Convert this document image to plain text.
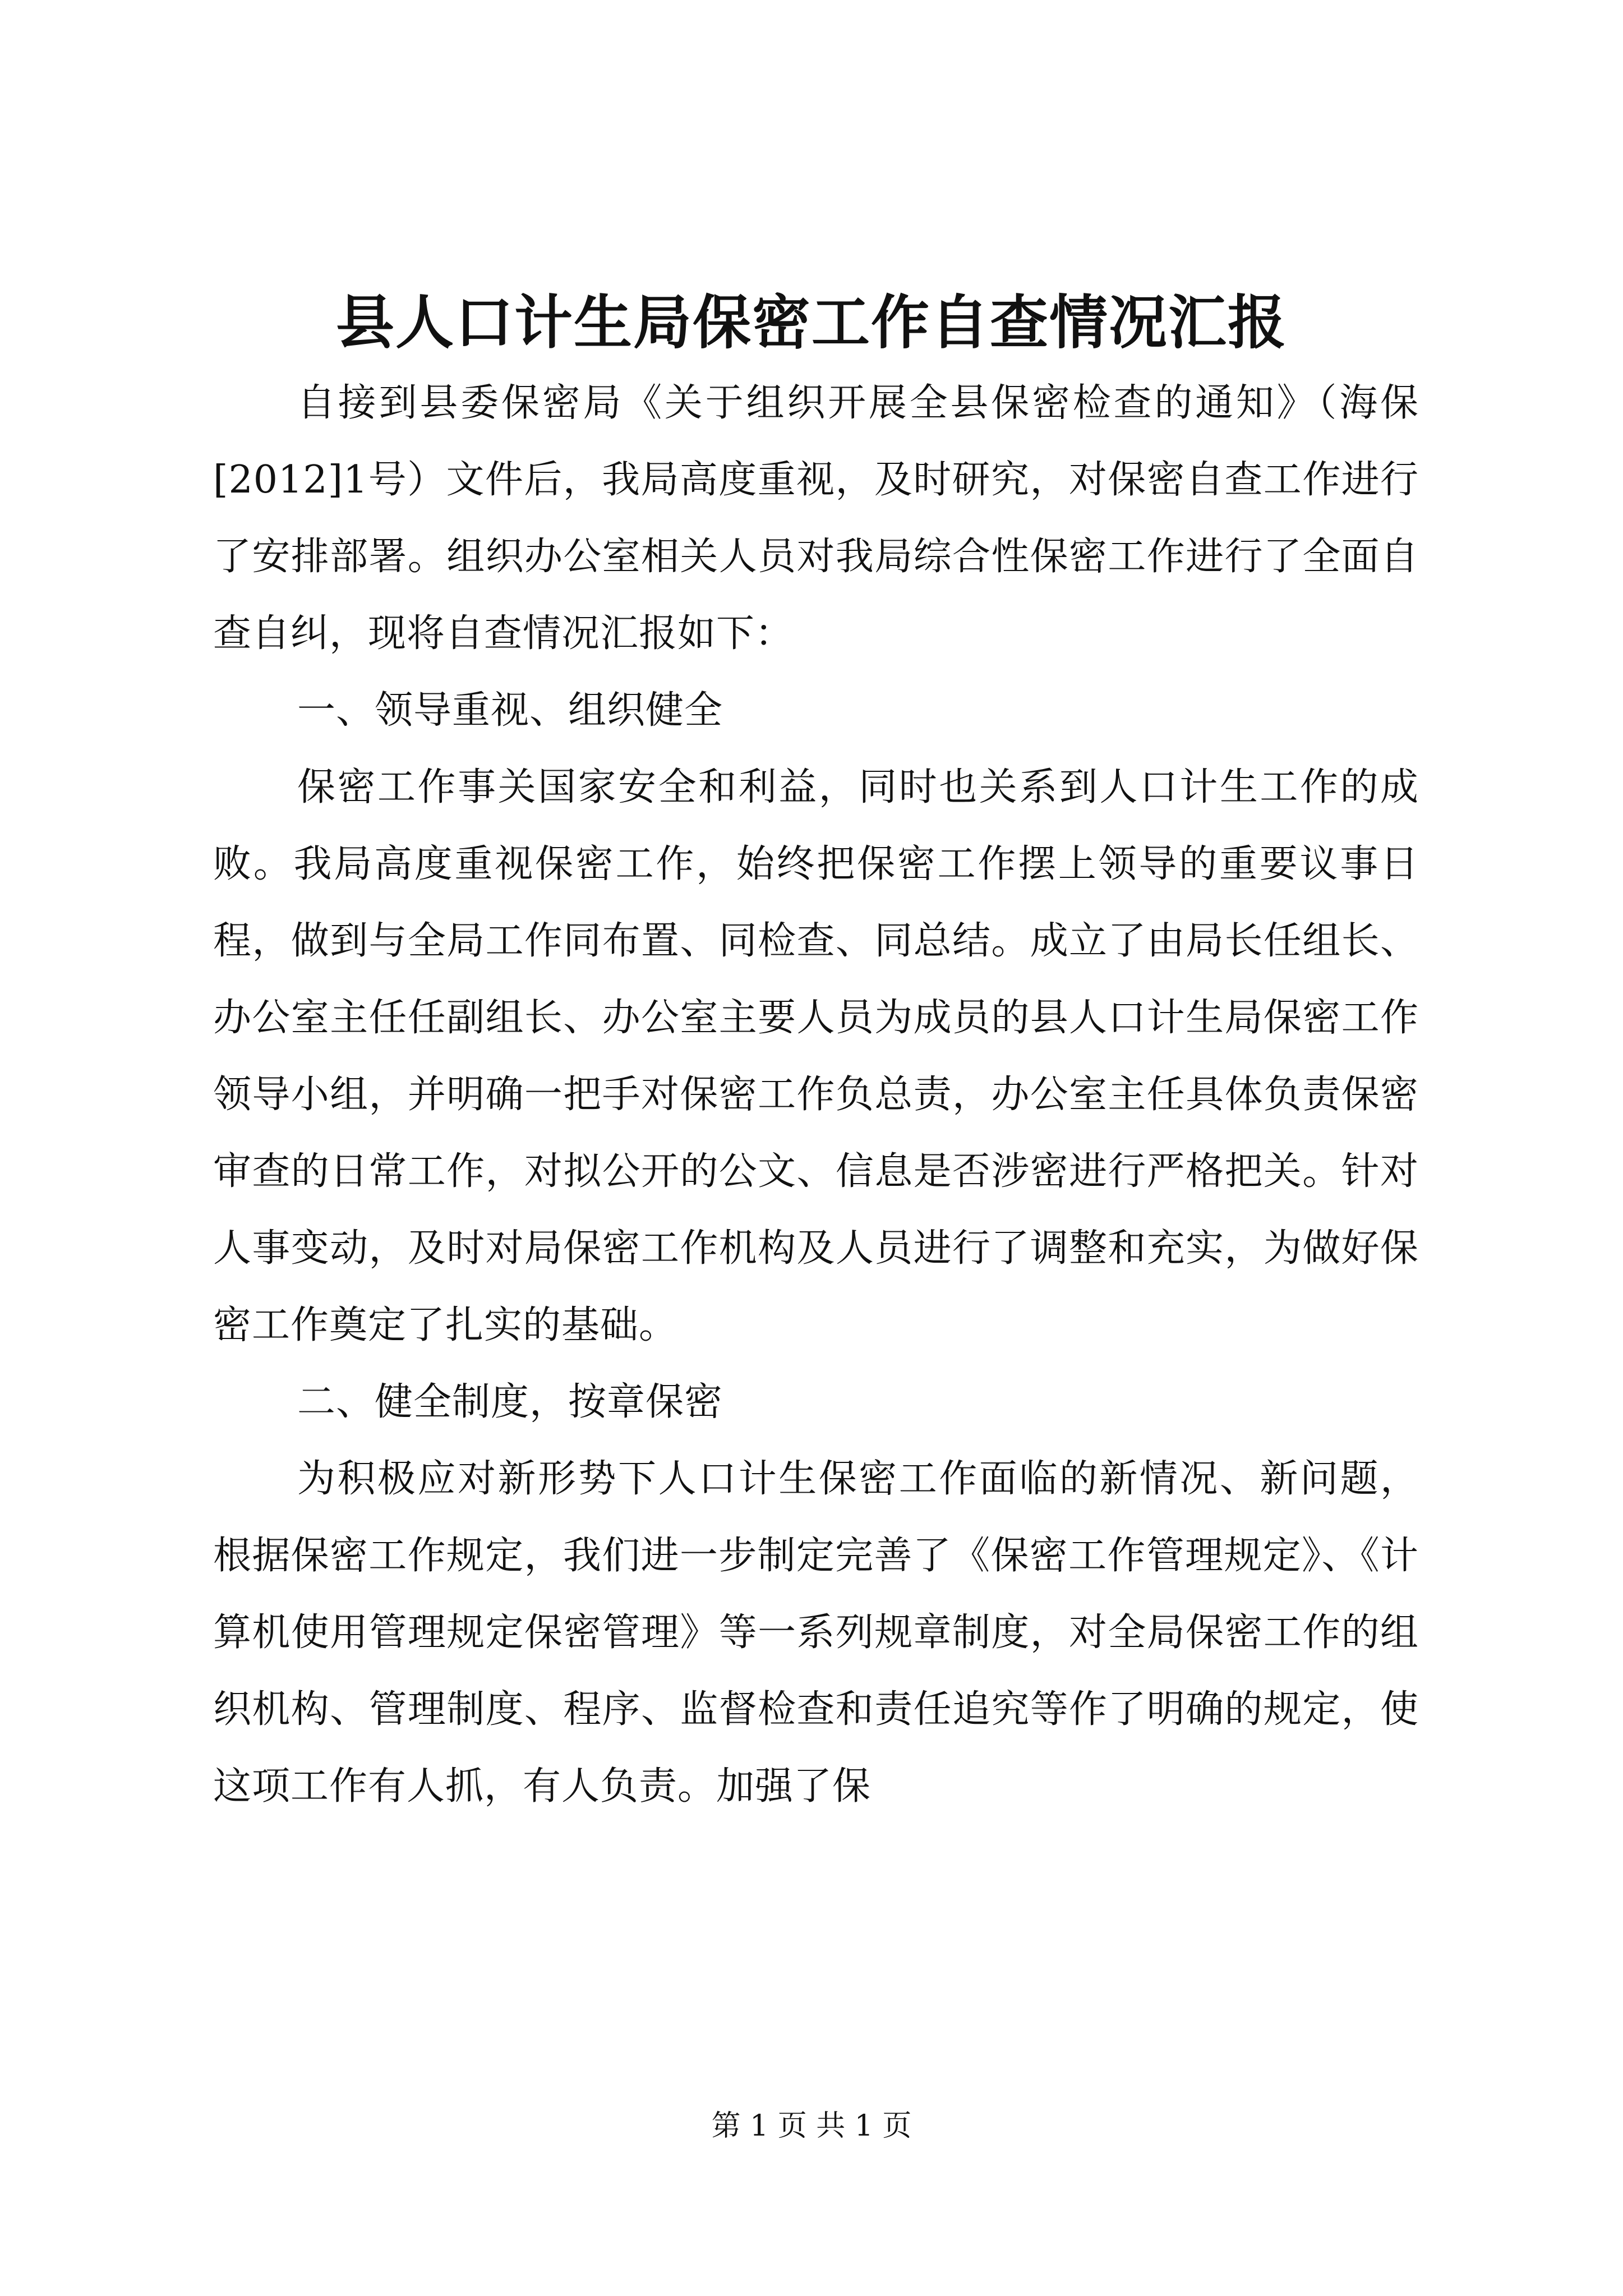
县人口计生局保密工作自查情况汇报

自接到县委保密局《关于组织开展全县保密检查的通知》（海保[2012]1号）文件后，我局高度重视，及时研究，对保密自查工作进行了安排部署。组织办公室相关人员对我局综合性保密工作进行了全面自查自纠，现将自查情况汇报如下：

一、领导重视、组织健全

保密工作事关国家安全和利益，同时也关系到人口计生工作的成败。我局高度重视保密工作，始终把保密工作摆上领导的重要议事日程，做到与全局工作同布置、同检查、同总结。成立了由局长任组长、办公室主任任副组长、办公室主要人员为成员的县人口计生局保密工作领导小组，并明确一把手对保密工作负总责，办公室主任具体负责保密审查的日常工作，对拟公开的公文、信息是否涉密进行严格把关。针对人事变动，及时对局保密工作机构及人员进行了调整和充实，为做好保密工作奠定了扎实的基础。

二、健全制度，按章保密

为积极应对新形势下人口计生保密工作面临的新情况、新问题，根据保密工作规定，我们进一步制定完善了《保密工作管理规定》、《计算机使用管理规定保密管理》等一系列规章制度，对全局保密工作的组织机构、管理制度、程序、监督检查和责任追究等作了明确的规定，使这项工作有人抓，有人负责。加强了保

第 1 页 共 1 页
